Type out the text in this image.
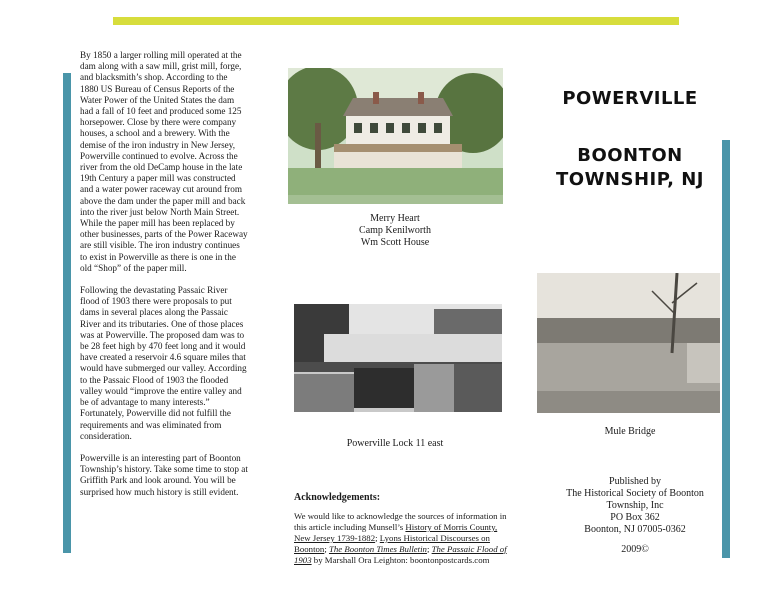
By 1850 a larger rolling mill operated at the dam along with a saw mill, grist mill, forge, and blacksmith’s shop. According to the 1880 US Bureau of Census Reports of the Water Power of the United States the dam had a fall of 10 feet and produced some 125 horsepower. Close by there were company houses, a school and a brewery. With the demise of the iron industry in New Jersey, Powerville continued to evolve. Across the river from the old DeCamp house in the late 19th Century a paper mill was constructed and a water power raceway cut around from above the dam under the paper mill and back into the river just below North Main Street. While the paper mill has been replaced by other businesses, parts of the Power Raceway are still visible. The iron industry continues to exist in Powerville as there is one in the old “Shop” of the paper mill.

Following the devastating Passaic River flood of 1903 there were proposals to put dams in several places along the Passaic River and its tributaries. One of those places was at Powerville. The proposed dam was to be 28 feet high by 470 feet long and it would have created a reservoir 4.6 square miles that would have submerged our valley. According to the Passaic Flood of 1903 the flooded valley would “improve the entire valley and be of advantage to many interests.” Fortunately, Powerville did not fulfill the requirements and was eliminated from consideration.

Powerville is an interesting part of Boonton Township’s history. Take some time to stop at Griffith Park and look around. You will be surprised how much history is still evident.

Merry Heart
Camp Kenilworth
Wm Scott House
Powerville Lock 11 east
POWERVILLE
BOONTON
TOWNSHIP, NJ
Mule Bridge
Acknowledgements:
We would like to acknowledge the sources of information in this article including Munsell’s History of Morris County, New Jersey 1739-1882; Lyons Historical Discourses on Boonton; The Boonton Times Bulletin; The Passaic Flood of 1903 by Marshall Ora Leighton: boontonpostcards.com
Published by
The Historical Society of Boonton
Township, Inc
PO Box 362
Boonton, NJ 07005-0362
2009©
